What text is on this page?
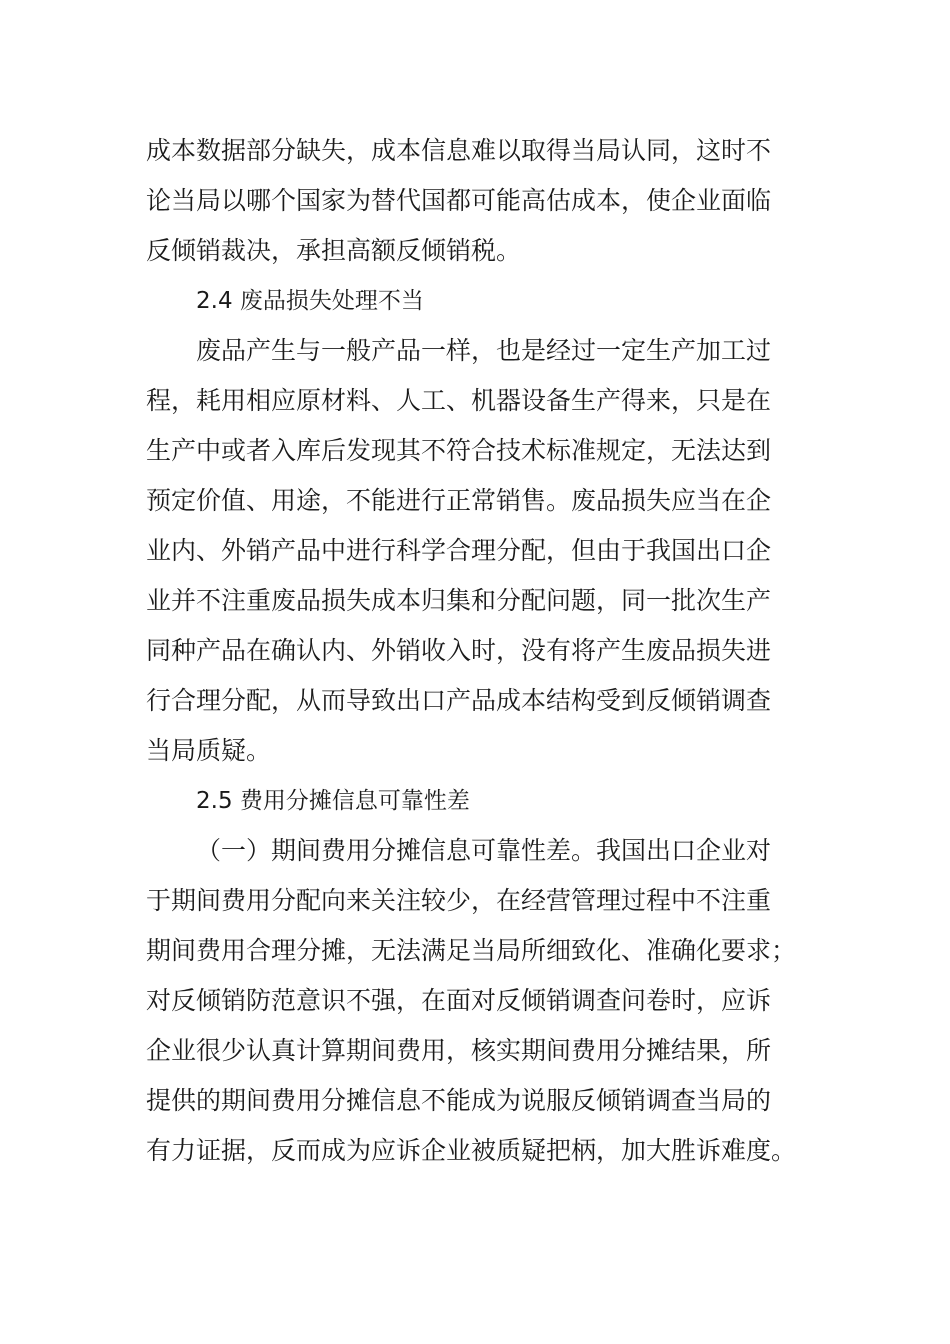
成本数据部分缺失，成本信息难以取得当局认同，这时不
论当局以哪个国家为替代国都可能高估成本，使企业面临
反倾销裁决，承担高额反倾销税。
2.4 废品损失处理不当
废品产生与一般产品一样，也是经过一定生产加工过
程，耗用相应原材料、人工、机器设备生产得来，只是在
生产中或者入库后发现其不符合技术标准规定，无法达到
预定价值、用途，不能进行正常销售。废品损失应当在企
业内、外销产品中进行科学合理分配，但由于我国出口企
业并不注重废品损失成本归集和分配问题，同一批次生产
同种产品在确认内、外销收入时，没有将产生废品损失进
行合理分配，从而导致出口产品成本结构受到反倾销调查
当局质疑。
2.5 费用分摊信息可靠性差
（一）期间费用分摊信息可靠性差。我国出口企业对
于期间费用分配向来关注较少，在经营管理过程中不注重
期间费用合理分摊，无法满足当局所细致化、准确化要求；
对反倾销防范意识不强，在面对反倾销调查问卷时，应诉
企业很少认真计算期间费用，核实期间费用分摊结果，所
提供的期间费用分摊信息不能成为说服反倾销调查当局的
有力证据，反而成为应诉企业被质疑把柄，加大胜诉难度。
